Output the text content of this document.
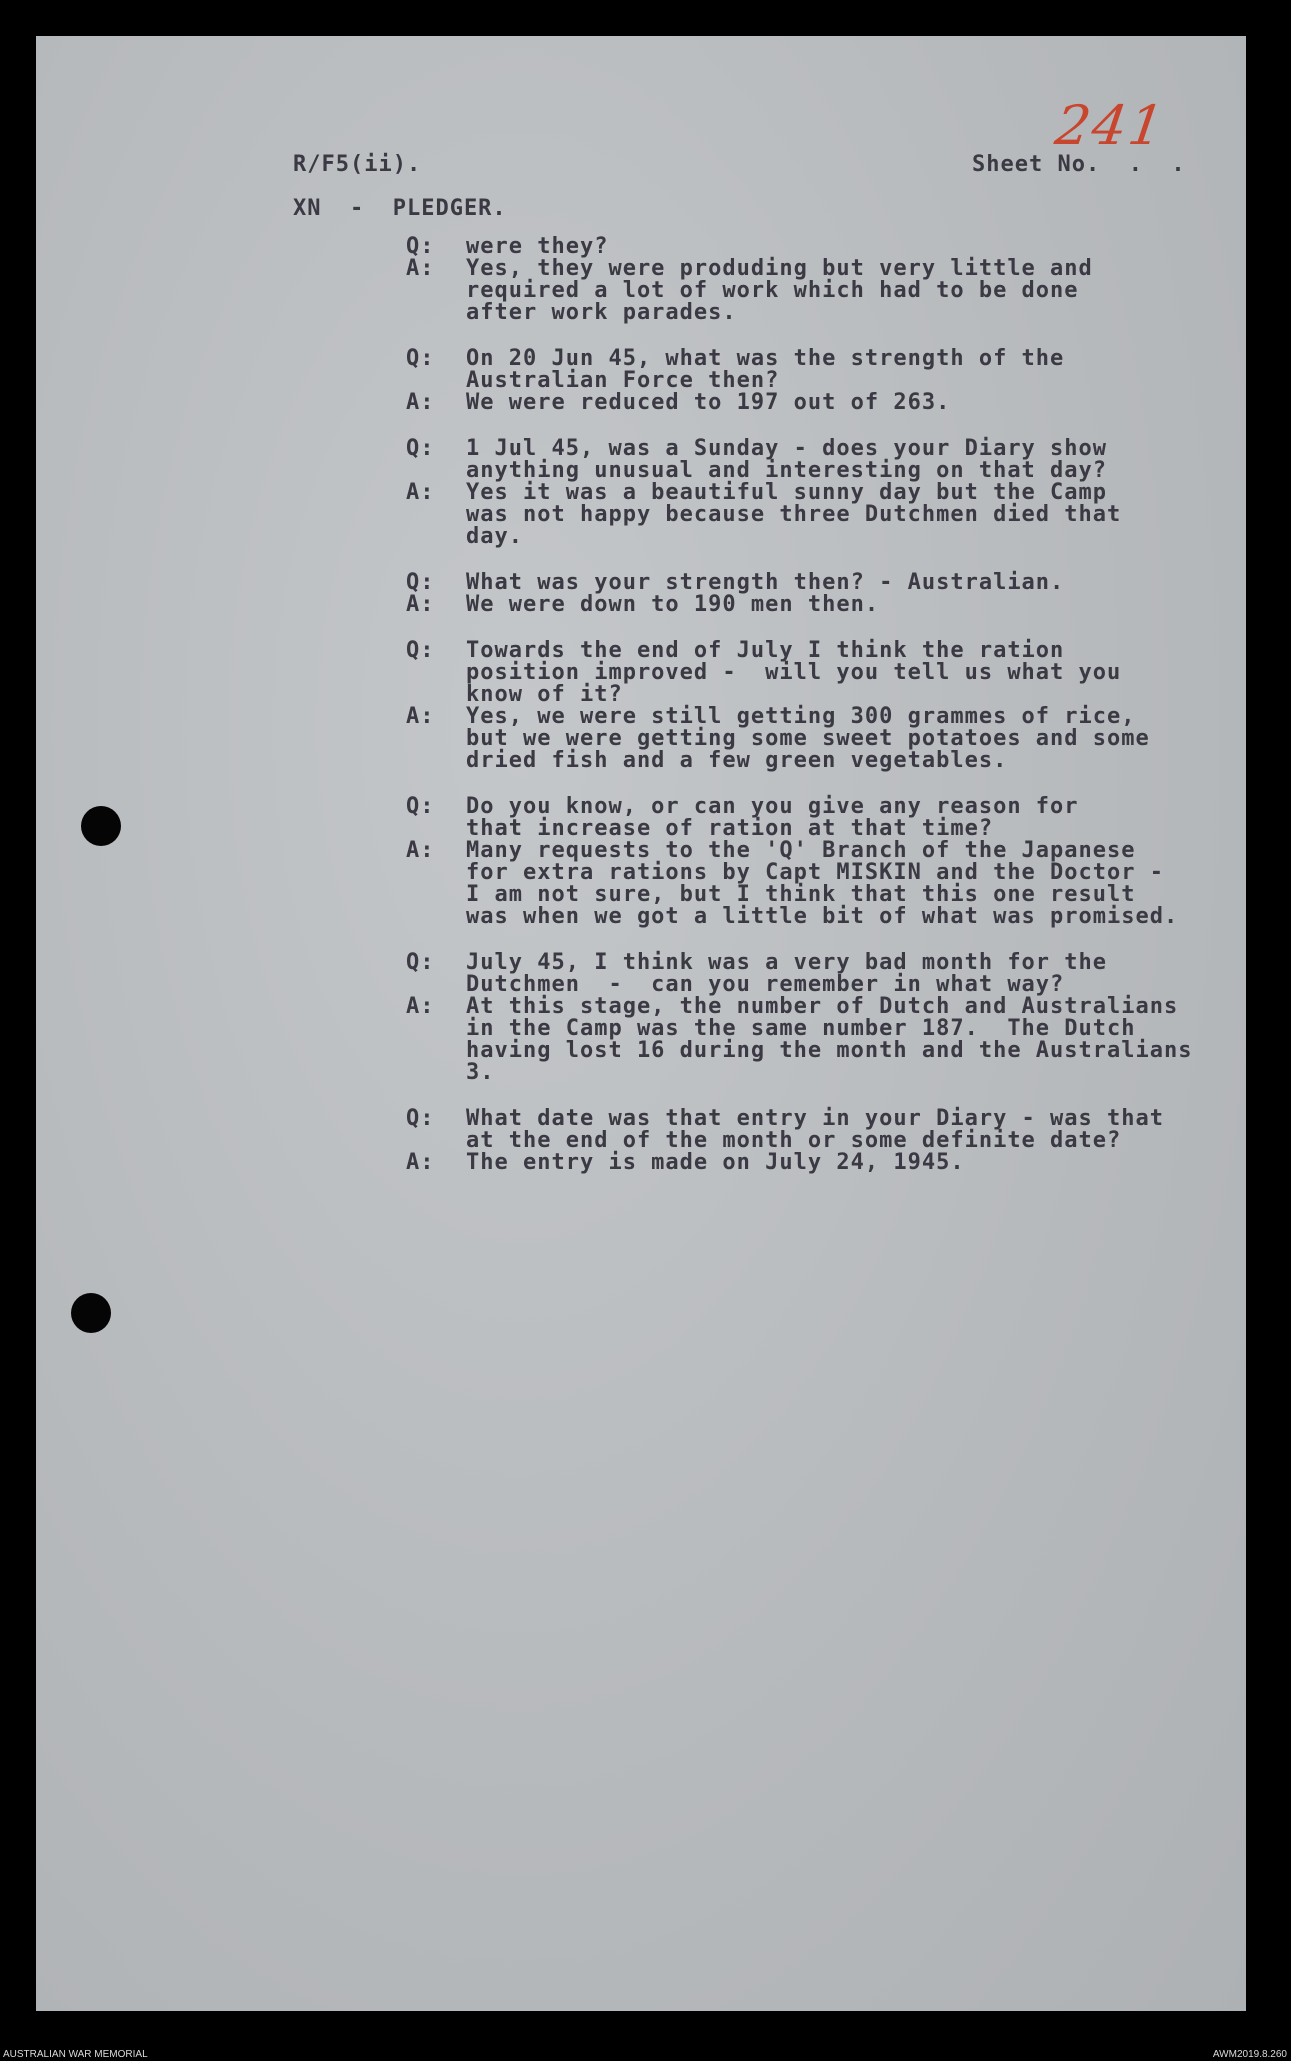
241
R/F5(ii).	Sheet No.  .  .
XN  -  PLEDGER.
Q:	were they?
A:	Yes, they were produding but very little and
required a lot of work which had to be done
after work parades.
Q:	On 20 Jun 45, what was the strength of the
Australian Force then?
A:	We were reduced to 197 out of 263.
Q:	1 Jul 45, was a Sunday - does your Diary show
anything unusual and interesting on that day?
A:	Yes it was a beautiful sunny day but the Camp
was not happy because three Dutchmen died that
day.
Q:	What was your strength then? - Australian.
A:	We were down to 190 men then.
Q:	Towards the end of July I think the ration
position improved -  will you tell us what you
know of it?
A:	Yes, we were still getting 300 grammes of rice,
but we were getting some sweet potatoes and some
dried fish and a few green vegetables.
Q:	Do you know, or can you give any reason for
that increase of ration at that time?
A:	Many requests to the 'Q' Branch of the Japanese
for extra rations by Capt MISKIN and the Doctor -
I am not sure, but I think that this one result
was when we got a little bit of what was promised.
Q:	July 45, I think was a very bad month for the
Dutchmen  -  can you remember in what way?
A:	At this stage, the number of Dutch and Australians
in the Camp was the same number 187.  The Dutch
having lost 16 during the month and the Australians
3.
Q:	What date was that entry in your Diary - was that
at the end of the month or some definite date?
A:	The entry is made on July 24, 1945.
AUSTRALIAN WAR MEMORIAL	AWM2019.8.260
